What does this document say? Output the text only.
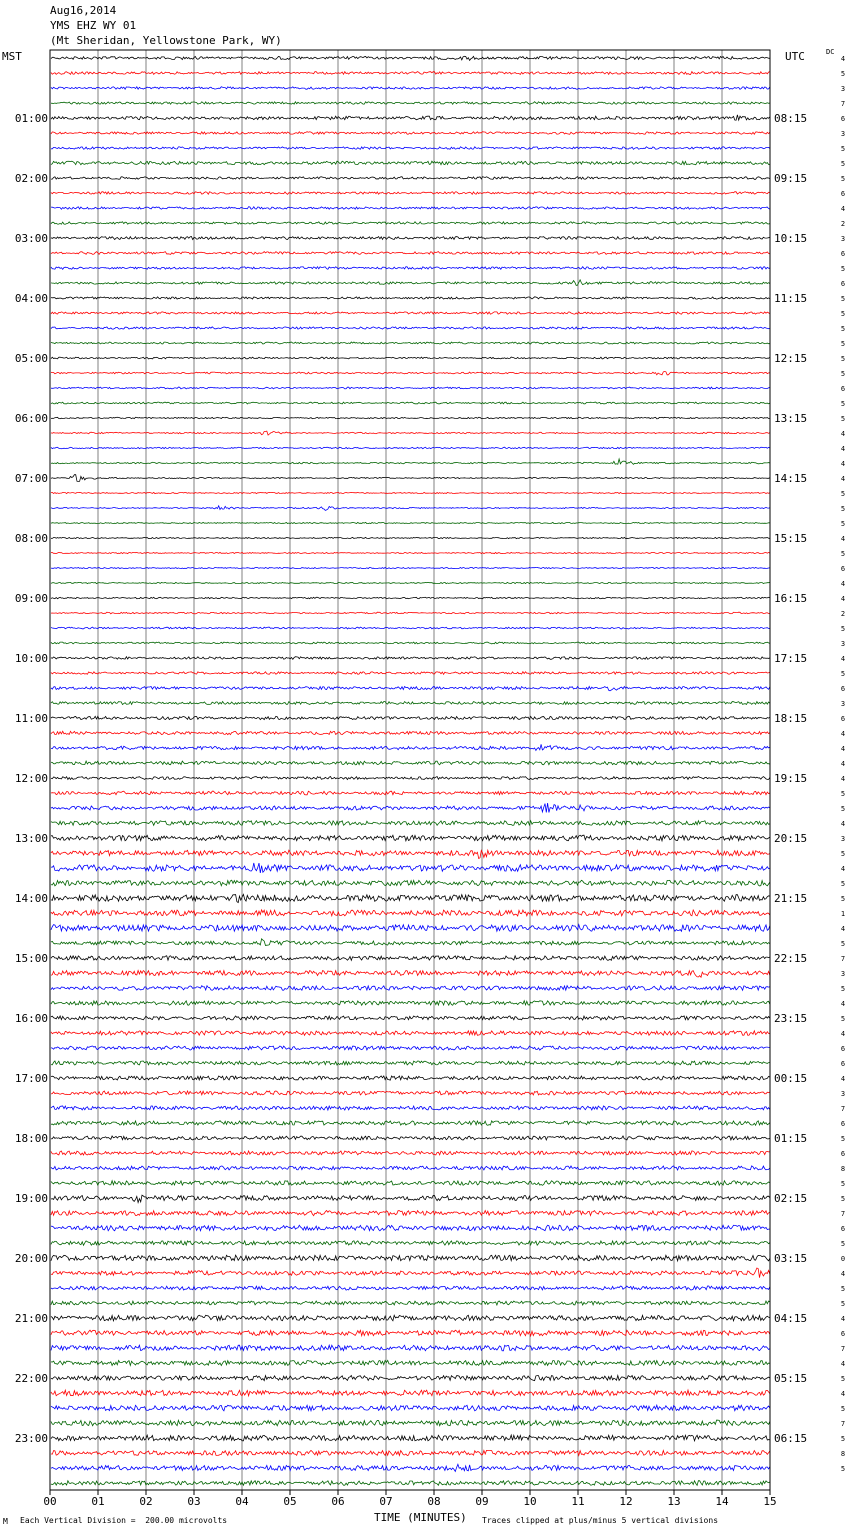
Aug16,2014
YMS EHZ WY 01
(Mt Sheridan, Yellowstone Park, WY)
MST	UTC	DC
01:00
02:00
03:00
04:00
05:00
06:00
07:00
08:00
09:00
10:00
11:00
12:00
13:00
14:00
15:00
16:00
17:00
18:00
19:00
20:00
21:00
22:00
23:00
08:15
09:15
10:15
11:15
12:15
13:15
14:15
15:15
16:15
17:15
18:15
19:15
20:15
21:15
22:15
23:15
00:15
01:15
02:15
03:15
04:15
05:15
06:15
4
5
3
7
6
3
5
5
5
6
4
2
3
6
5
6
5
5
5
5
5
5
6
5
5
4
4
4
4
5
5
5
4
5
6
4
4
2
5
3
4
5
6
3
6
4
4
4
4
5
5
4
3
5
4
5
5
1
4
5
7
3
5
4
5
4
6
6
4
3
7
6
5
6
8
5
5
7
6
5
0
4
5
5
4
6
7
4
5
4
5
7
5
8
5
00	01	02	03	04	05	06	07	08	09	10	11	12	13	14	15
M Each Vertical Division =  200.00 microvolts	TIME (MINUTES) Traces clipped at plus/minus 5 vertical divisions
